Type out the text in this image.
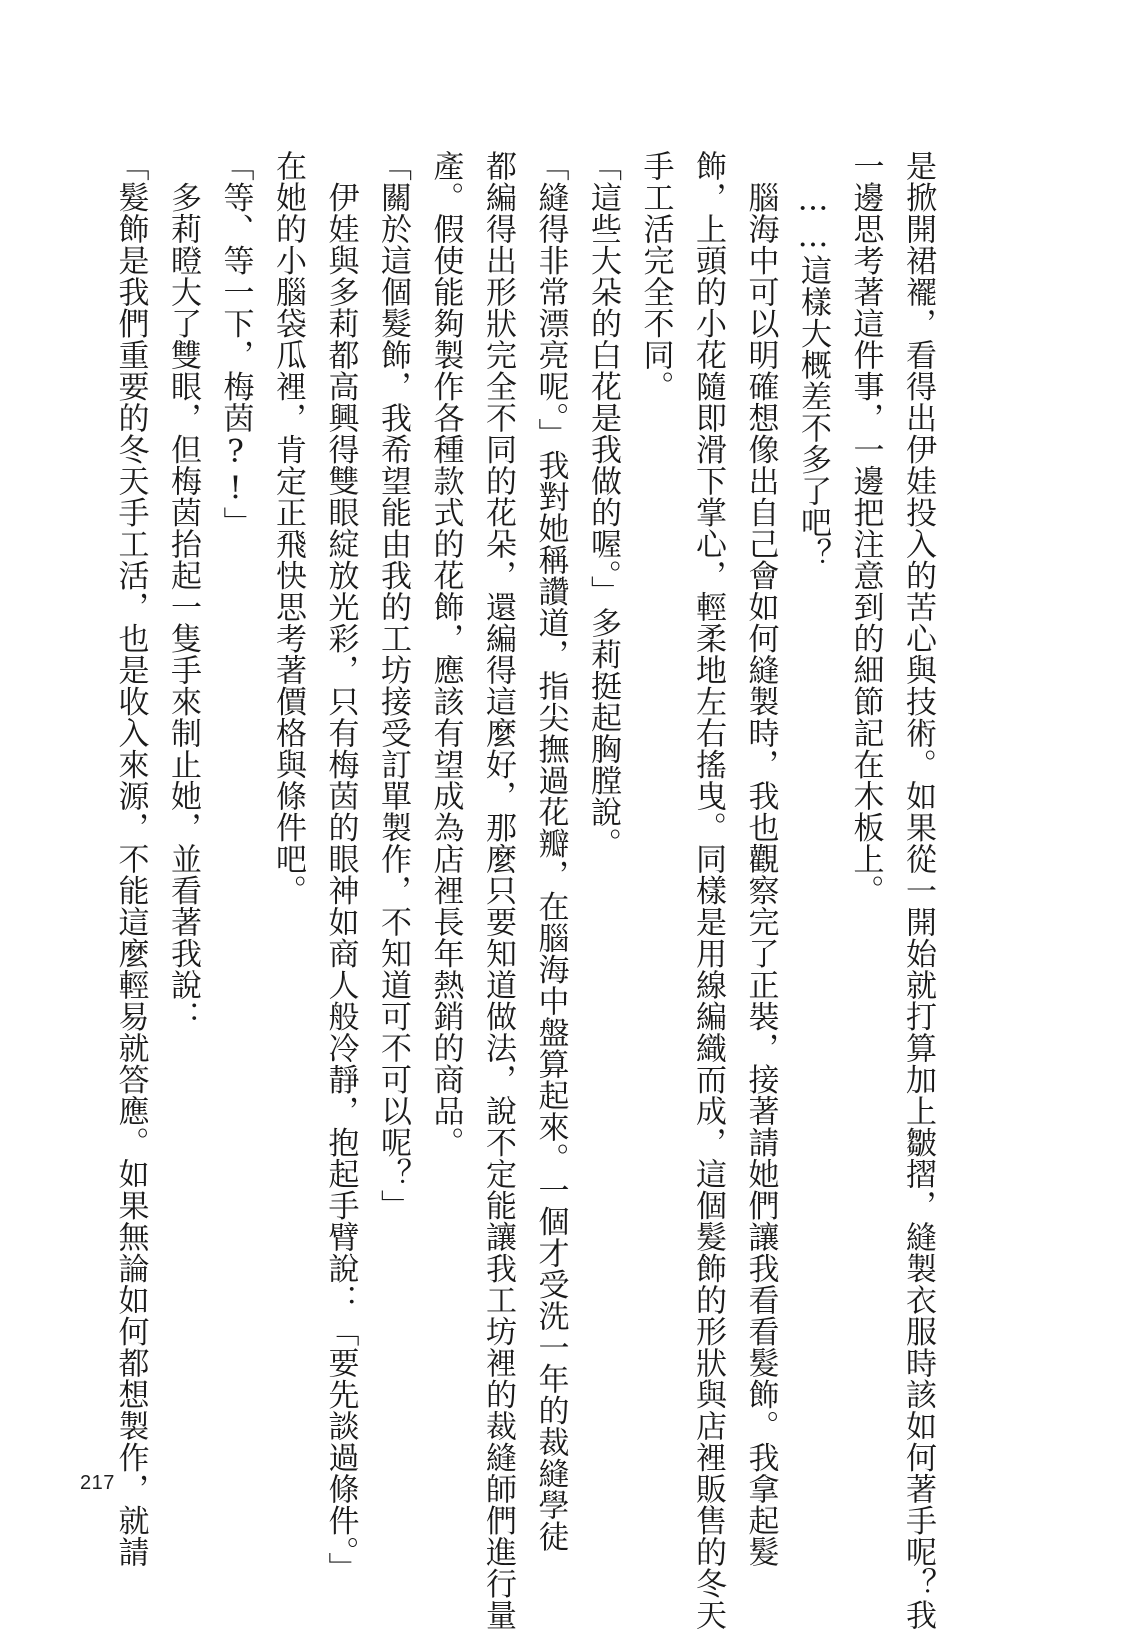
是掀開裙襬，看得出伊娃投入的苦心與技術。如果從一開始就打算加上皺摺，縫製衣服時該如何著手呢？我
一邊思考著這件事，一邊把注意到的細節記在木板上。
　……這樣大概差不多了吧？
　腦海中可以明確想像出自己會如何縫製時，我也觀察完了正裝，接著請她們讓我看看髮飾。我拿起髮
飾，上頭的小花隨即滑下掌心，輕柔地左右搖曳。同樣是用線編織而成，這個髮飾的形狀與店裡販售的冬天
手工活完全不同。
「這些大朵的白花是我做的喔。」多莉挺起胸膛說。
「縫得非常漂亮呢。」我對她稱讚道，指尖撫過花瓣，在腦海中盤算起來。一個才受洗一年的裁縫學徒
都編得出形狀完全不同的花朵，還編得這麼好，那麼只要知道做法，說不定能讓我工坊裡的裁縫師們進行量
產。假使能夠製作各種款式的花飾，應該有望成為店裡長年熱銷的商品。
「關於這個髮飾，我希望能由我的工坊接受訂單製作，不知道可不可以呢？」
　伊娃與多莉都高興得雙眼綻放光彩，只有梅茵的眼神如商人般冷靜，抱起手臂說：「要先談過條件。」
在她的小腦袋瓜裡，肯定正飛快思考著價格與條件吧。
「等、等一下，梅茵?!」
　多莉瞪大了雙眼，但梅茵抬起一隻手來制止她，並看著我說：
「髮飾是我們重要的冬天手工活，也是收入來源，不能這麼輕易就答應。如果無論如何都想製作，就請
217
